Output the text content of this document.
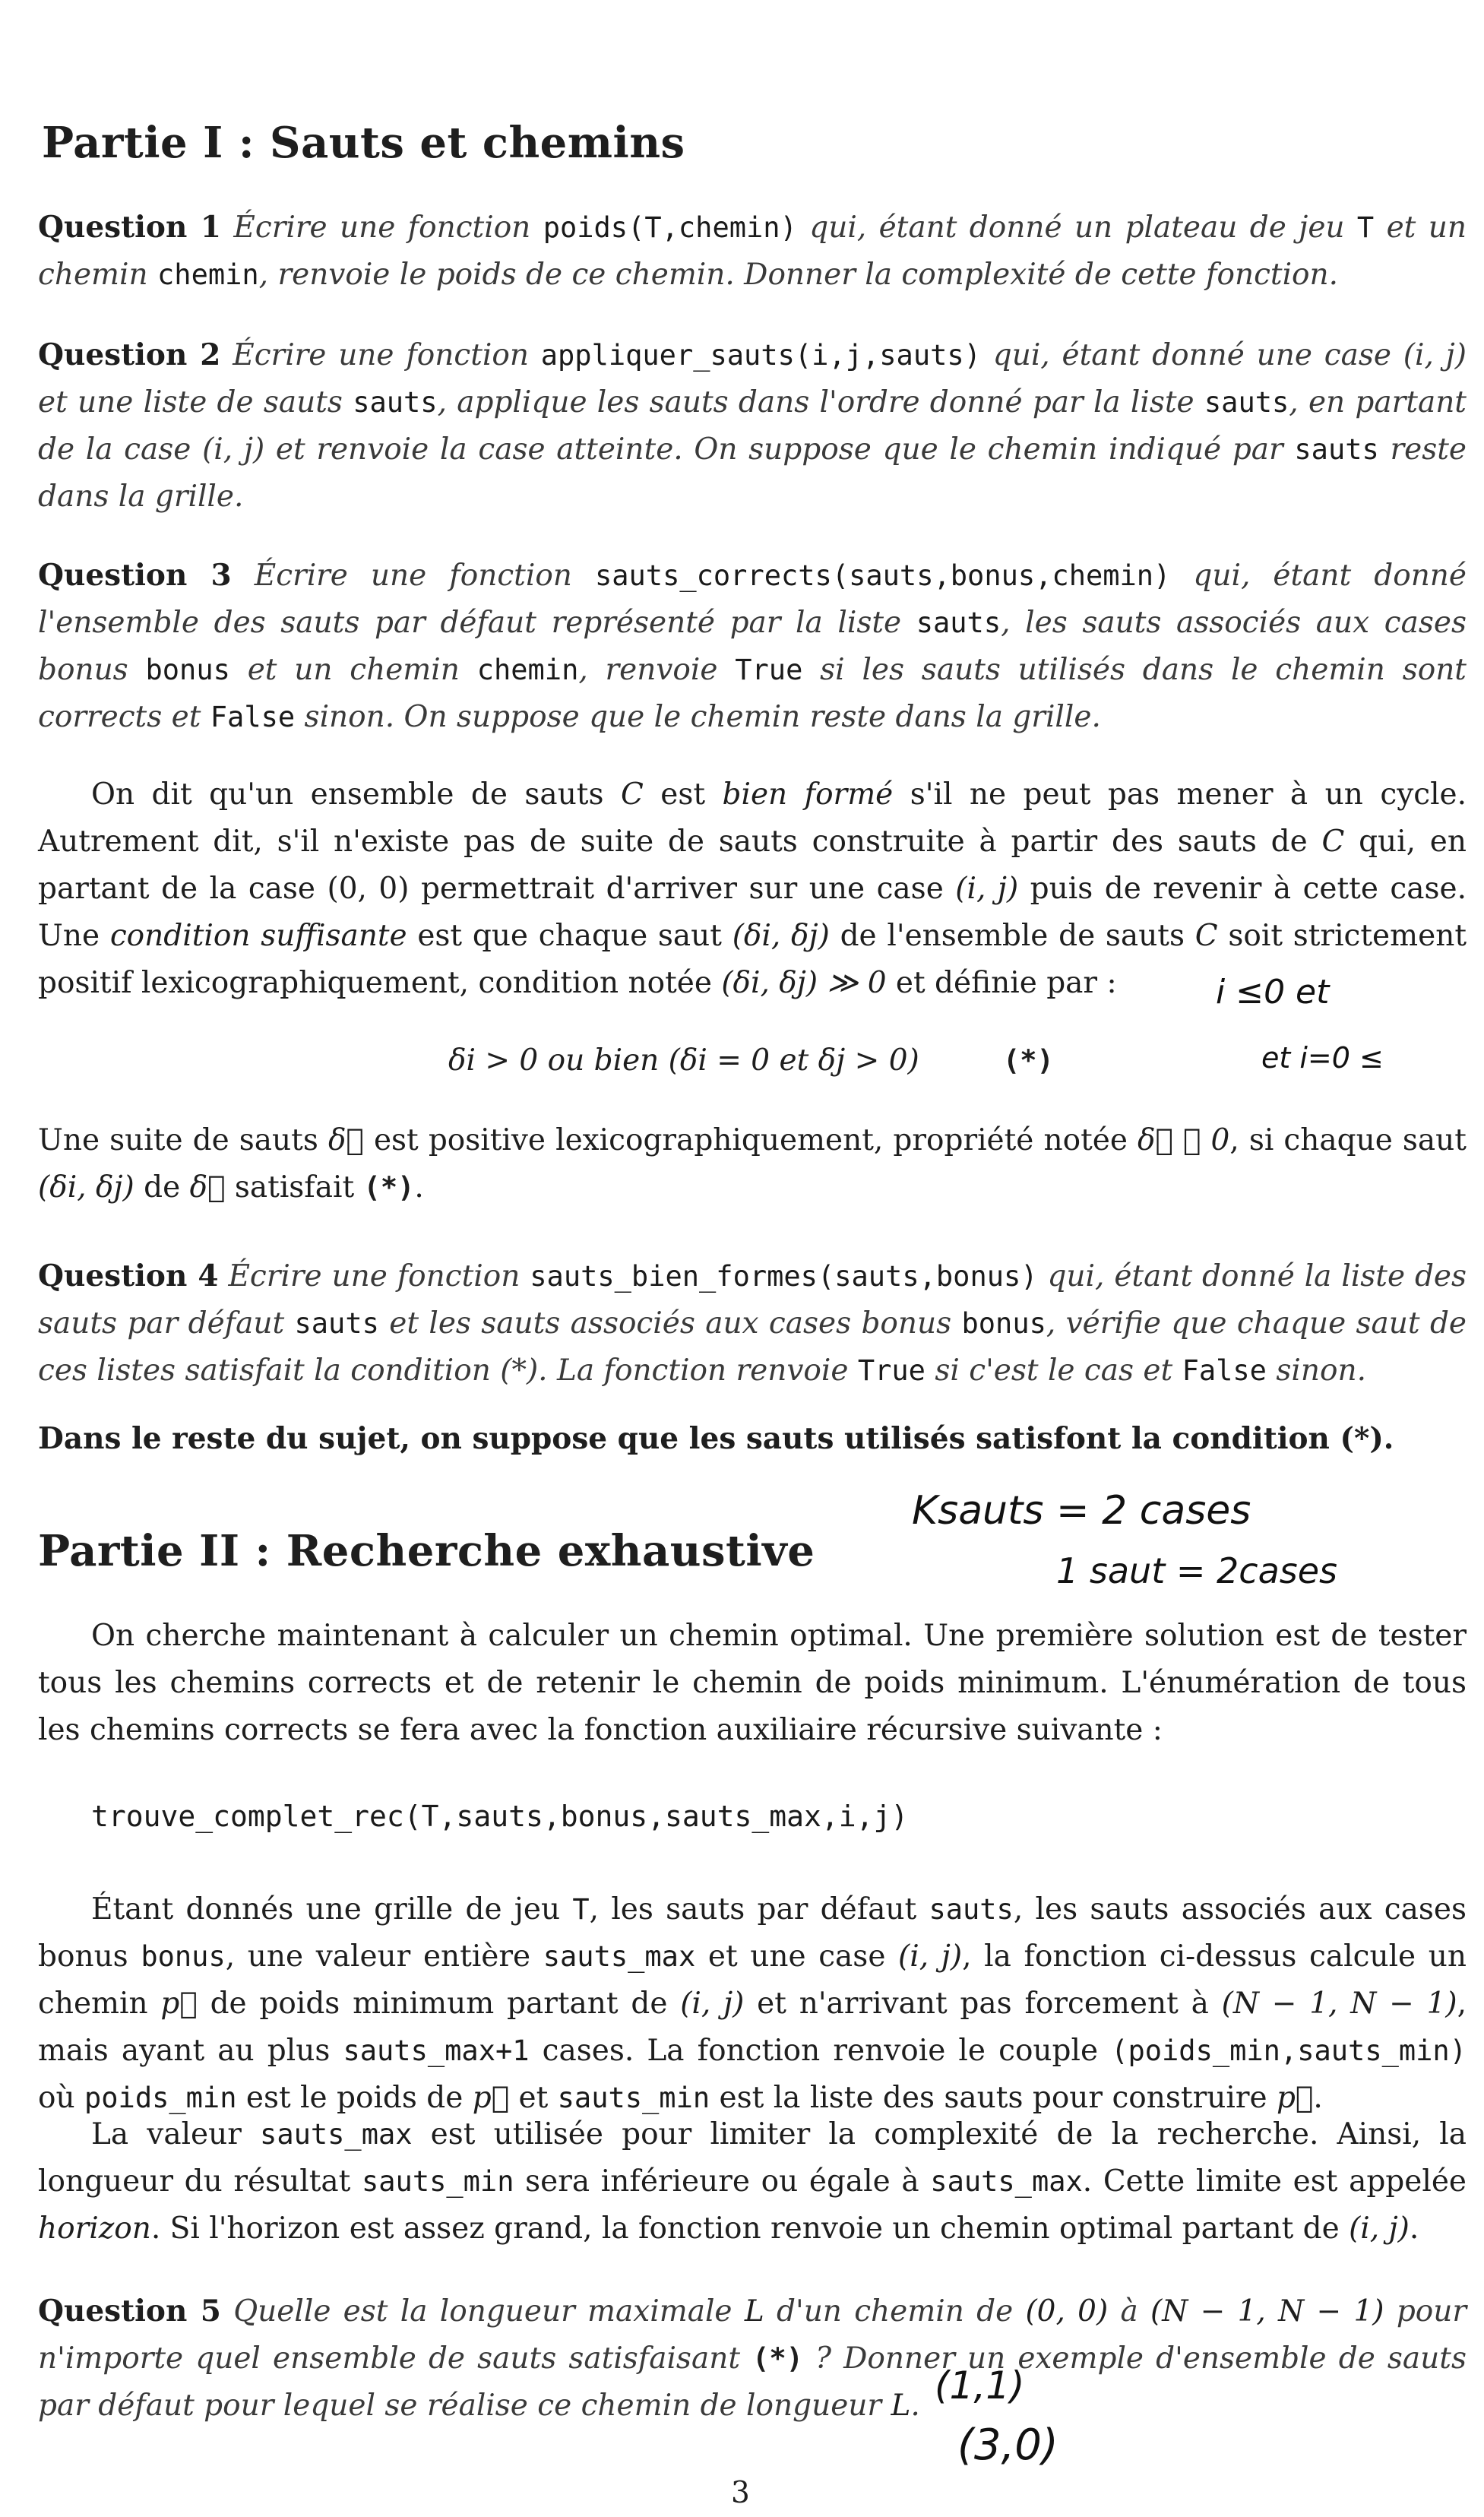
Partie I : Sauts et chemins
Question 1 Écrire une fonction poids(T,chemin) qui, étant donné un plateau de jeu T et un chemin chemin, renvoie le poids de ce chemin. Donner la complexité de cette fonction.
Question 2 Écrire une fonction appliquer_sauts(i,j,sauts) qui, étant donné une case (i, j) et une liste de sauts sauts, applique les sauts dans l'ordre donné par la liste sauts, en partant de la case (i, j) et renvoie la case atteinte. On suppose que le chemin indiqué par sauts reste dans la grille.
Question 3 Écrire une fonction sauts_corrects(sauts,bonus,chemin) qui, étant donné l'ensemble des sauts par défaut représenté par la liste sauts, les sauts associés aux cases bonus bonus et un chemin chemin, renvoie True si les sauts utilisés dans le chemin sont corrects et False sinon. On suppose que le chemin reste dans la grille.
On dit qu'un ensemble de sauts C est bien formé s'il ne peut pas mener à un cycle. Autrement dit, s'il n'existe pas de suite de sauts construite à partir des sauts de C qui, en partant de la case (0, 0) permettrait d'arriver sur une case (i, j) puis de revenir à cette case. Une condition suffisante est que chaque saut (δi, δj) de l'ensemble de sauts C soit strictement positif lexicographiquement, condition notée (δi, δj) ≫ 0 et définie par :
δi > 0 ou bien (δi = 0 et δj > 0)	(*)
Une suite de sauts δ⃗ est positive lexicographiquement, propriété notée δ⃗ ≫ 0, si chaque saut (δi, δj) de δ⃗ satisfait (*).
Question 4 Écrire une fonction sauts_bien_formes(sauts,bonus) qui, étant donné la liste des sauts par défaut sauts et les sauts associés aux cases bonus bonus, vérifie que chaque saut de ces listes satisfait la condition (*). La fonction renvoie True si c'est le cas et False sinon.
Dans le reste du sujet, on suppose que les sauts utilisés satisfont la condition (*).
Partie II : Recherche exhaustive
On cherche maintenant à calculer un chemin optimal. Une première solution est de tester tous les chemins corrects et de retenir le chemin de poids minimum. L'énumération de tous les chemins corrects se fera avec la fonction auxiliaire récursive suivante :
trouve_complet_rec(T,sauts,bonus,sauts_max,i,j)
Étant donnés une grille de jeu T, les sauts par défaut sauts, les sauts associés aux cases bonus bonus, une valeur entière sauts_max et une case (i, j), la fonction ci-dessus calcule un chemin p⃗ de poids minimum partant de (i, j) et n'arrivant pas forcement à (N − 1, N − 1), mais ayant au plus sauts_max+1 cases. La fonction renvoie le couple (poids_min,sauts_min) où poids_min est le poids de p⃗ et sauts_min est la liste des sauts pour construire p⃗.
La valeur sauts_max est utilisée pour limiter la complexité de la recherche. Ainsi, la longueur du résultat sauts_min sera inférieure ou égale à sauts_max. Cette limite est appelée horizon. Si l'horizon est assez grand, la fonction renvoie un chemin optimal partant de (i, j).
Question 5 Quelle est la longueur maximale L d'un chemin de (0, 0) à (N − 1, N − 1) pour n'importe quel ensemble de sauts satisfaisant (*) ? Donner un exemple d'ensemble de sauts par défaut pour lequel se réalise ce chemin de longueur L.
3
i ≤0 et
et i=0 ≤
Ksauts = 2 cases
1 saut = 2cases
(1,1)
(3,0)
